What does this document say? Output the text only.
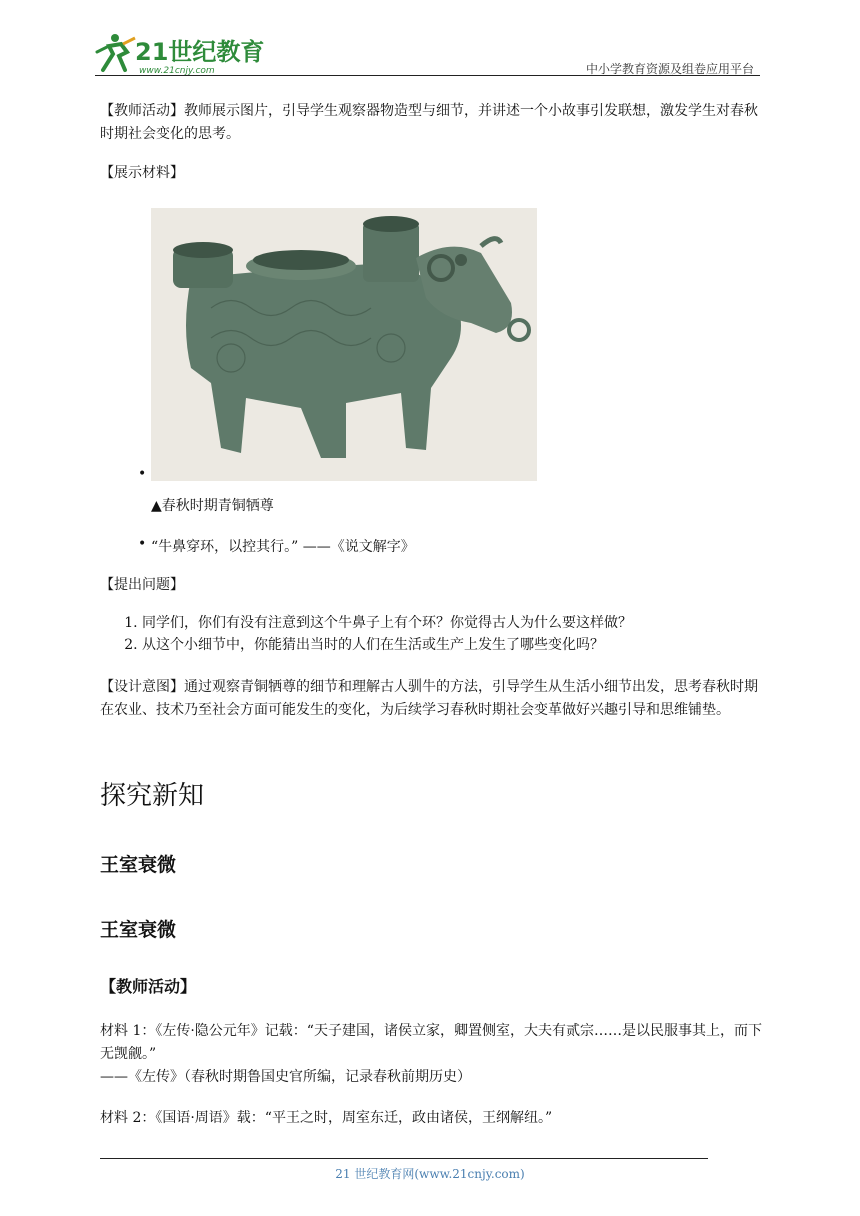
21世纪教育
www.21cnjy.com	中小学教育资源及组卷应用平台
【教师活动】教师展示图片，引导学生观察器物造型与细节，并讲述一个小故事引发联想，激发学生对春秋时期社会变化的思考。
【展示材料】
•
▲春秋时期青铜牺尊
• “牛鼻穿环，以控其行。” ——《说文解字》
【提出问题】
1. 同学们，你们有没有注意到这个牛鼻子上有个环？你觉得古人为什么要这样做？
2. 从这个小细节中，你能猜出当时的人们在生活或生产上发生了哪些变化吗？
【设计意图】通过观察青铜牺尊的细节和理解古人驯牛的方法，引导学生从生活小细节出发，思考春秋时期在农业、技术乃至社会方面可能发生的变化，为后续学习春秋时期社会变革做好兴趣引导和思维铺垫。
探究新知
王室衰微
王室衰微
【教师活动】
材料 1：《左传·隐公元年》记载：“天子建国，诸侯立家，卿置侧室，大夫有贰宗……是以民服事其上，而下无觊觎。”
——《左传》（春秋时期鲁国史官所编，记录春秋前期历史）
材料 2：《国语·周语》载：“平王之时，周室东迁，政由诸侯，王纲解纽。”
21 世纪教育网(www.21cnjy.com)
